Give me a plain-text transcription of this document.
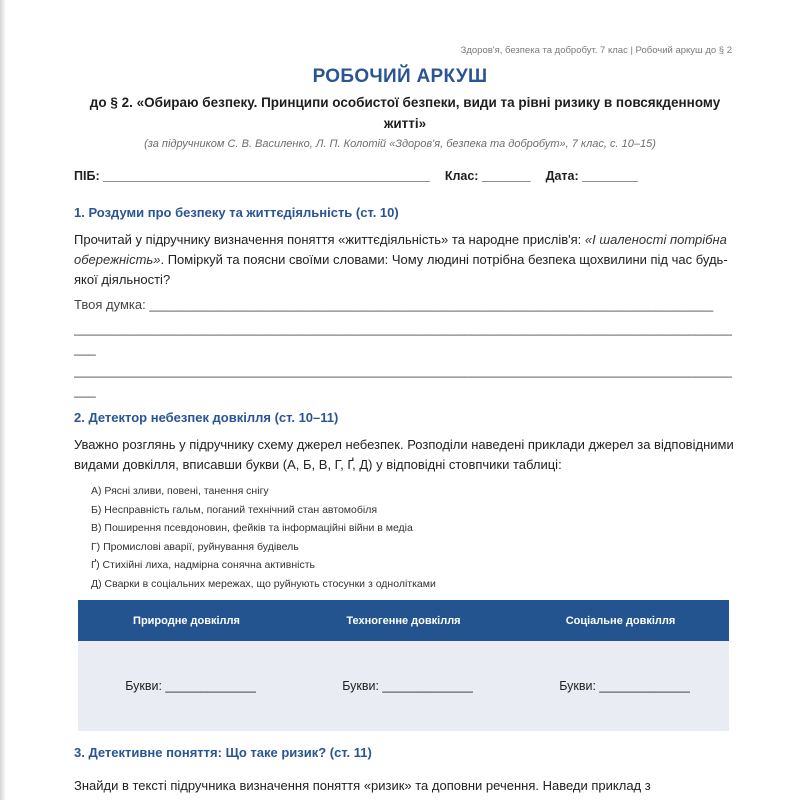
Здоров'я, безпека та добробут. 7 клас | Робочий аркуш до § 2
РОБОЧИЙ АРКУШ
до § 2. «Обираю безпеку. Принципи особистої безпеки, види та рівні ризику в повсякденному житті»
(за підручником С. В. Василенко, Л. П. Колотій «Здоров'я, безпека та добробут», 7 клас, с. 10–15)
ПІБ: _______________________________________________ Клас: _______ Дата: ________
1. Роздуми про безпеку та життєдіяльність (ст. 10)
Прочитай у підручнику визначення поняття «життєдіяльність» та народне прислів'я: «І шаленості потрібна обережність». Поміркуй та поясни своїми словами: Чому людині потрібна безпека щохвилини під час будь-якої діяльності?
Твоя думка: ______________________________________________________________________________
______________________________________________________________________________________________
______________________________________________________________________________________________
2. Детектор небезпек довкілля (ст. 10–11)
Уважно розглянь у підручнику схему джерел небезпек. Розподіли наведені приклади джерел за відповідними видами довкілля, вписавши букви (А, Б, В, Г, Ґ, Д) у відповідні стовпчики таблиці:
А) Рясні зливи, повені, танення снігу
Б) Несправність гальм, поганий технічний стан автомобіля
В) Поширення псевдоновин, фейків та інформаційні війни в медіа
Г) Промислові аварії, руйнування будівель
Ґ) Стихійні лиха, надмірна сонячна активність
Д) Сварки в соціальних мережах, що руйнують стосунки з однолітками
Природне довкілля	Техногенне довкілля	Соціальне довкілля
Букви: _____________	Букви: _____________	Букви: _____________
3. Детективне поняття: Що таке ризик? (ст. 11)
Знайди в тексті підручника визначення поняття «ризик» та доповни речення. Наведи приклад з
